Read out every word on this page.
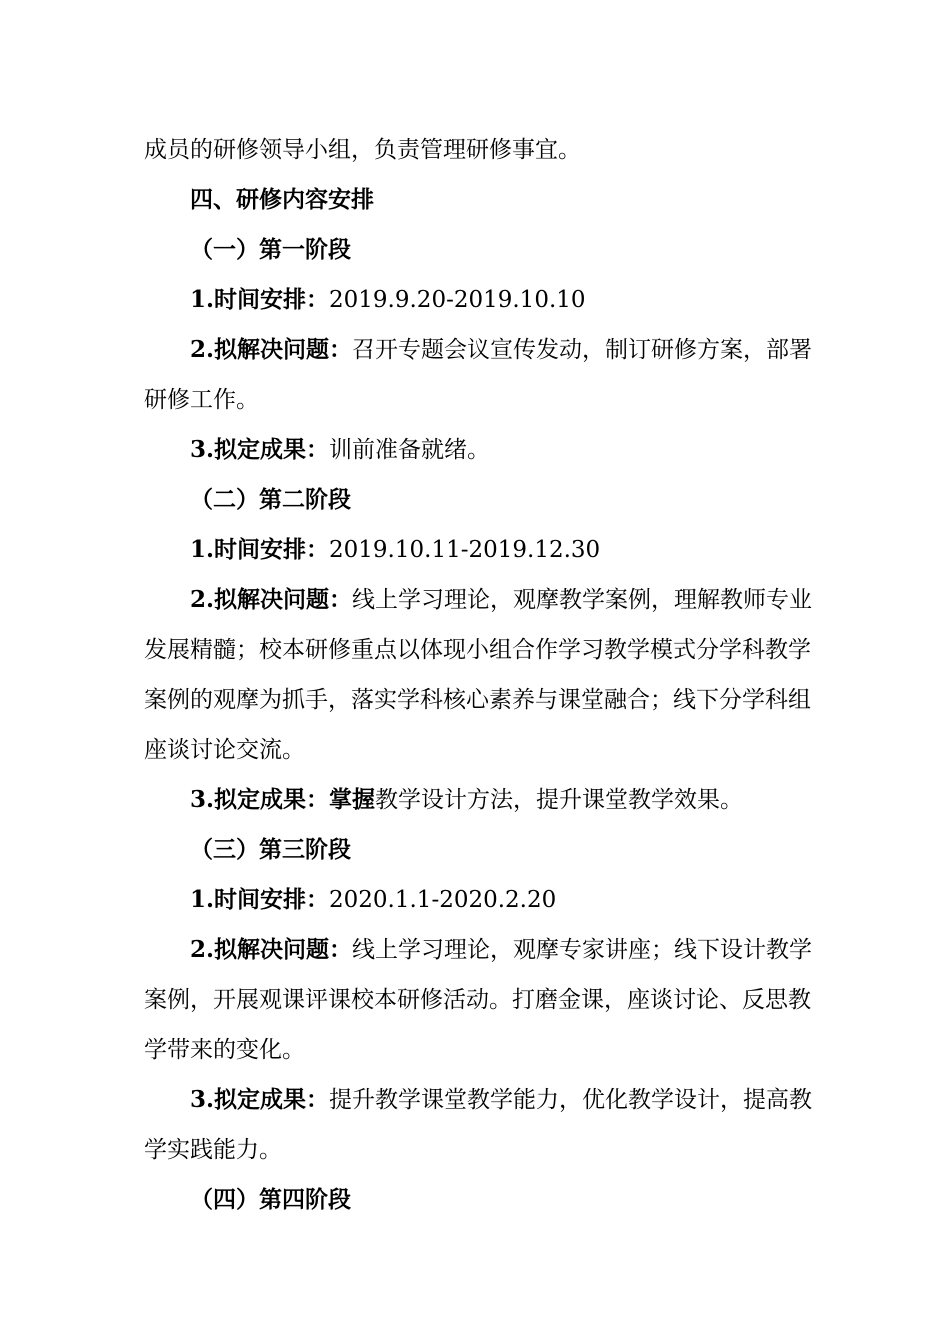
成员的研修领导小组，负责管理研修事宜。
四、研修内容安排
（一）第一阶段
1.时间安排：2019.9.20-2019.10.10
2.拟解决问题：召开专题会议宣传发动，制订研修方案，部署
研修工作。
3.拟定成果：训前准备就绪。
（二）第二阶段
1.时间安排：2019.10.11-2019.12.30
2.拟解决问题：线上学习理论，观摩教学案例，理解教师专业
发展精髓；校本研修重点以体现小组合作学习教学模式分学科教学
案例的观摩为抓手，落实学科核心素养与课堂融合；线下分学科组
座谈讨论交流。
3.拟定成果：掌握教学设计方法，提升课堂教学效果。
（三）第三阶段
1.时间安排：2020.1.1-2020.2.20
2.拟解决问题：线上学习理论，观摩专家讲座；线下设计教学
案例，开展观课评课校本研修活动。打磨金课，座谈讨论、反思教
学带来的变化。
3.拟定成果：提升教学课堂教学能力，优化教学设计，提高教
学实践能力。
（四）第四阶段
